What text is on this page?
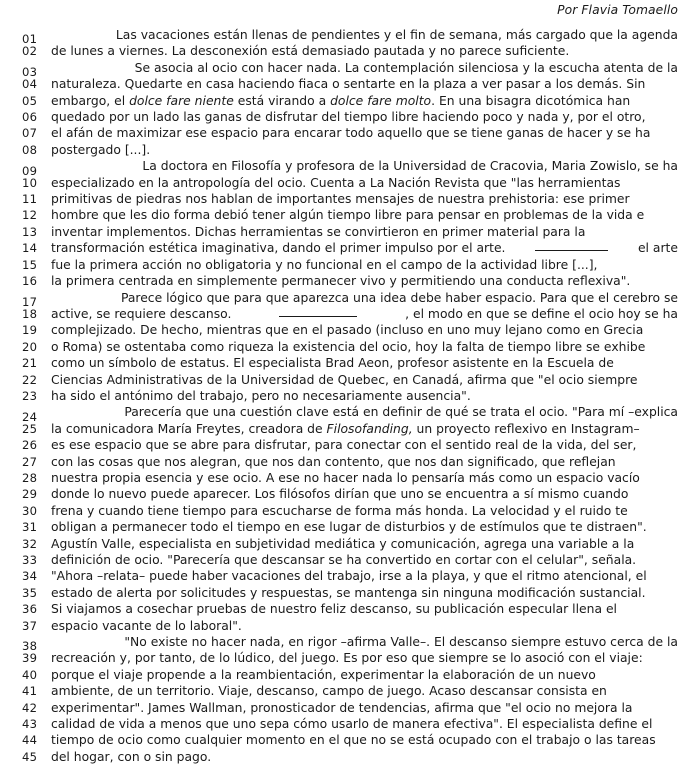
Por Flavia Tomaello
01	Las vacaciones están llenas de pendientes y el fin de semana, más cargado que la agenda
02	de lunes a viernes. La desconexión está demasiado pautada y no parece suficiente.
03	Se asocia al ocio con hacer nada. La contemplación silenciosa y la escucha atenta de la
04	naturaleza. Quedarte en casa haciendo fiaca o sentarte en la plaza a ver pasar a los demás. Sin
05	embargo, el dolce fare niente está virando a dolce fare molto . En una bisagra dicotómica han
06	quedado por un lado las ganas de disfrutar del tiempo libre haciendo poco y nada y, por el otro,
07	el afán de maximizar ese espacio para encarar todo aquello que se tiene ganas de hacer y se ha
08	postergado [...].
09	La doctora en Filosofía y profesora de la Universidad de Cracovia, Maria Zowislo, se ha
10	especializado en la antropología del ocio. Cuenta a La Nación Revista que "las herramientas
11	primitivas de piedras nos hablan de importantes mensajes de nuestra prehistoria: ese primer
12	hombre que les dio forma debió tener algún tiempo libre para pensar en problemas de la vida e
13	inventar implementos. Dichas herramientas se convirtieron en primer material para la
14	transformación estética imaginativa, dando el primer impulso por el arte.	el arte
15	fue la primera acción no obligatoria y no funcional en el campo de la actividad libre [...],
16	la primera centrada en simplemente permanecer vivo y permitiendo una conducta reflexiva".
17	Parece lógico que para que aparezca una idea debe haber espacio. Para que el cerebro se
18	active, se requiere descanso.	, el modo en que se define el ocio hoy se ha
19	complejizado. De hecho, mientras que en el pasado (incluso en uno muy lejano como en Grecia
20	o Roma) se ostentaba como riqueza la existencia del ocio, hoy la falta de tiempo libre se exhibe
21	como un símbolo de estatus. El especialista Brad Aeon, profesor asistente en la Escuela de
22	Ciencias Administrativas de la Universidad de Quebec, en Canadá, afirma que "el ocio siempre
23	ha sido el antónimo del trabajo, pero no necesariamente ausencia".
24	Parecería que una cuestión clave está en definir de qué se trata el ocio. "Para mí –explica
25	la comunicadora María Freytes, creadora de Filosofanding, un proyecto reflexivo en Instagram–
26	es ese espacio que se abre para disfrutar, para conectar con el sentido real de la vida, del ser,
27	con las cosas que nos alegran, que nos dan contento, que nos dan significado, que reflejan
28	nuestra propia esencia y ese ocio. A ese no hacer nada lo pensaría más como un espacio vacío
29	donde lo nuevo puede aparecer. Los filósofos dirían que uno se encuentra a sí mismo cuando
30	frena y cuando tiene tiempo para escucharse de forma más honda. La velocidad y el ruido te
31	obligan a permanecer todo el tiempo en ese lugar de disturbios y de estímulos que te distraen".
32	Agustín Valle, especialista en subjetividad mediática y comunicación, agrega una variable a la
33	definición de ocio. "Parecería que descansar se ha convertido en cortar con el celular", señala.
34	"Ahora –relata– puede haber vacaciones del trabajo, irse a la playa, y que el ritmo atencional, el
35	estado de alerta por solicitudes y respuestas, se mantenga sin ninguna modificación sustancial.
36	Si viajamos a cosechar pruebas de nuestro feliz descanso, su publicación especular llena el
37	espacio vacante de lo laboral".
38	"No existe no hacer nada, en rigor –afirma Valle–. El descanso siempre estuvo cerca de la
39	recreación y, por tanto, de lo lúdico, del juego. Es por eso que siempre se lo asoció con el viaje:
40	porque el viaje propende a la reambientación, experimentar la elaboración de un nuevo
41	ambiente, de un territorio. Viaje, descanso, campo de juego. Acaso descansar consista en
42	experimentar". James Wallman, pronosticador de tendencias, afirma que "el ocio no mejora la
43	calidad de vida a menos que uno sepa cómo usarlo de manera efectiva". El especialista define el
44	tiempo de ocio como cualquier momento en el que no se está ocupado con el trabajo o las tareas
45	del hogar, con o sin pago.
